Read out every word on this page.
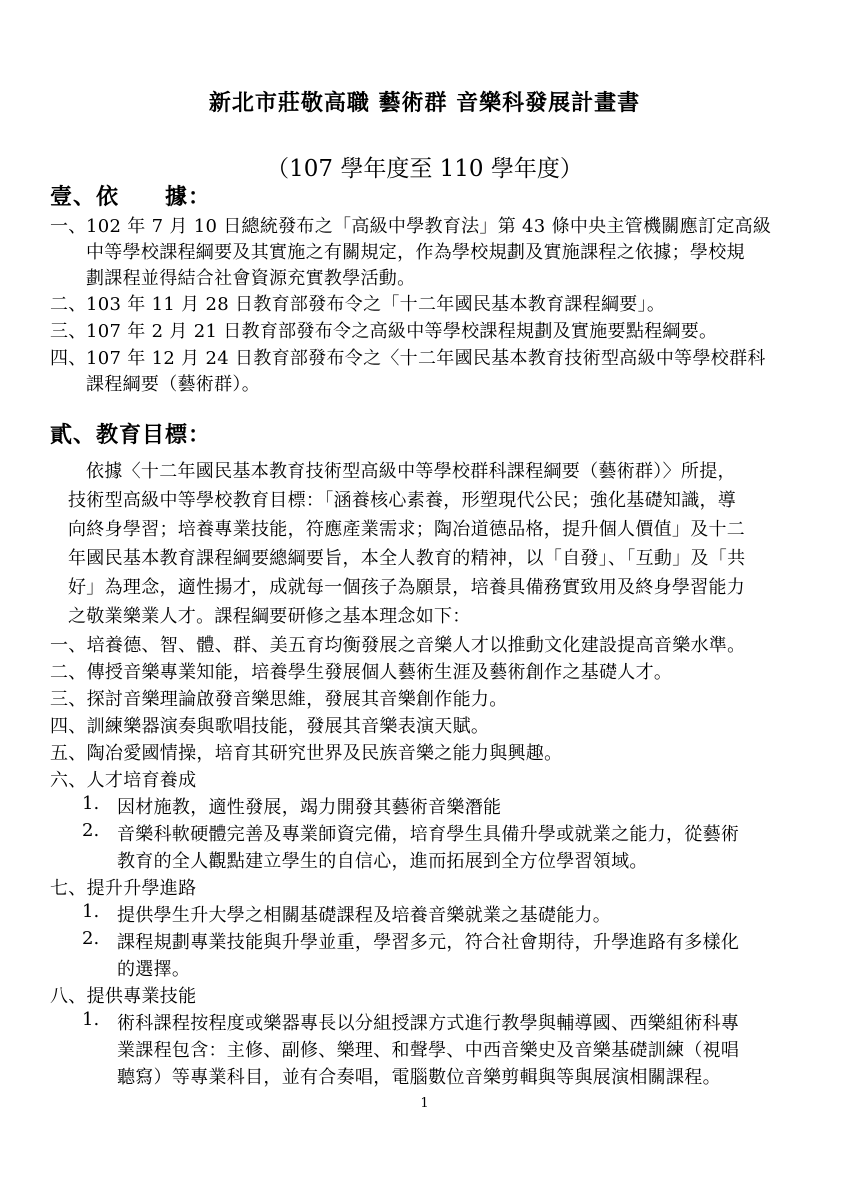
新北市莊敬高職 藝術群 音樂科發展計畫書
（107 學年度至 110 學年度）
壹、依　　據：
一、 102 年 7 月 10 日總統發布之「高級中學教育法」第 43 條中央主管機關應訂定高級
中等學校課程綱要及其實施之有關規定，作為學校規劃及實施課程之依據；學校規
劃課程並得結合社會資源充實教學活動。
二、 103 年 11 月 28 日教育部發布令之「十二年國民基本教育課程綱要」。
三、 107 年 2 月 21 日教育部發布令之高級中等學校課程規劃及實施要點程綱要。
四、 107 年 12 月 24 日教育部發布令之〈十二年國民基本教育技術型高級中等學校群科
課程綱要（藝術群）。
貳、教育目標：
依據〈十二年國民基本教育技術型高級中等學校群科課程綱要（藝術群）〉所提，
技術型高級中等學校教育目標：「涵養核心素養，形塑現代公民；強化基礎知識，導
向終身學習；培養專業技能，符應產業需求；陶冶道德品格，提升個人價值」及十二
年國民基本教育課程綱要總綱要旨，本全人教育的精神，以「自發」、「互動」及「共
好」為理念，適性揚才，成就每一個孩子為願景，培養具備務實致用及終身學習能力
之敬業樂業人才。課程綱要研修之基本理念如下：
一、培養德、智、體、群、美五育均衡發展之音樂人才以推動文化建設提高音樂水準。
二、傳授音樂專業知能，培養學生發展個人藝術生涯及藝術創作之基礎人才。
三、探討音樂理論啟發音樂思維，發展其音樂創作能力。
四、訓練樂器演奏與歌唱技能，發展其音樂表演天賦。
五、陶冶愛國情操，培育其研究世界及民族音樂之能力與興趣。
六、人才培育養成
1. 因材施教，適性發展，竭力開發其藝術音樂潛能
2. 音樂科軟硬體完善及專業師資完備，培育學生具備升學或就業之能力，從藝術
教育的全人觀點建立學生的自信心，進而拓展到全方位學習領域。
七、提升升學進路
1. 提供學生升大學之相關基礎課程及培養音樂就業之基礎能力。
2. 課程規劃專業技能與升學並重，學習多元，符合社會期待，升學進路有多樣化
的選擇。
八、提供專業技能
1. 術科課程按程度或樂器專長以分組授課方式進行教學與輔導國、西樂組術科專
業課程包含：主修、副修、樂理、和聲學、中西音樂史及音樂基礎訓練（視唱
聽寫）等專業科目，並有合奏唱，電腦數位音樂剪輯與等與展演相關課程。
1
